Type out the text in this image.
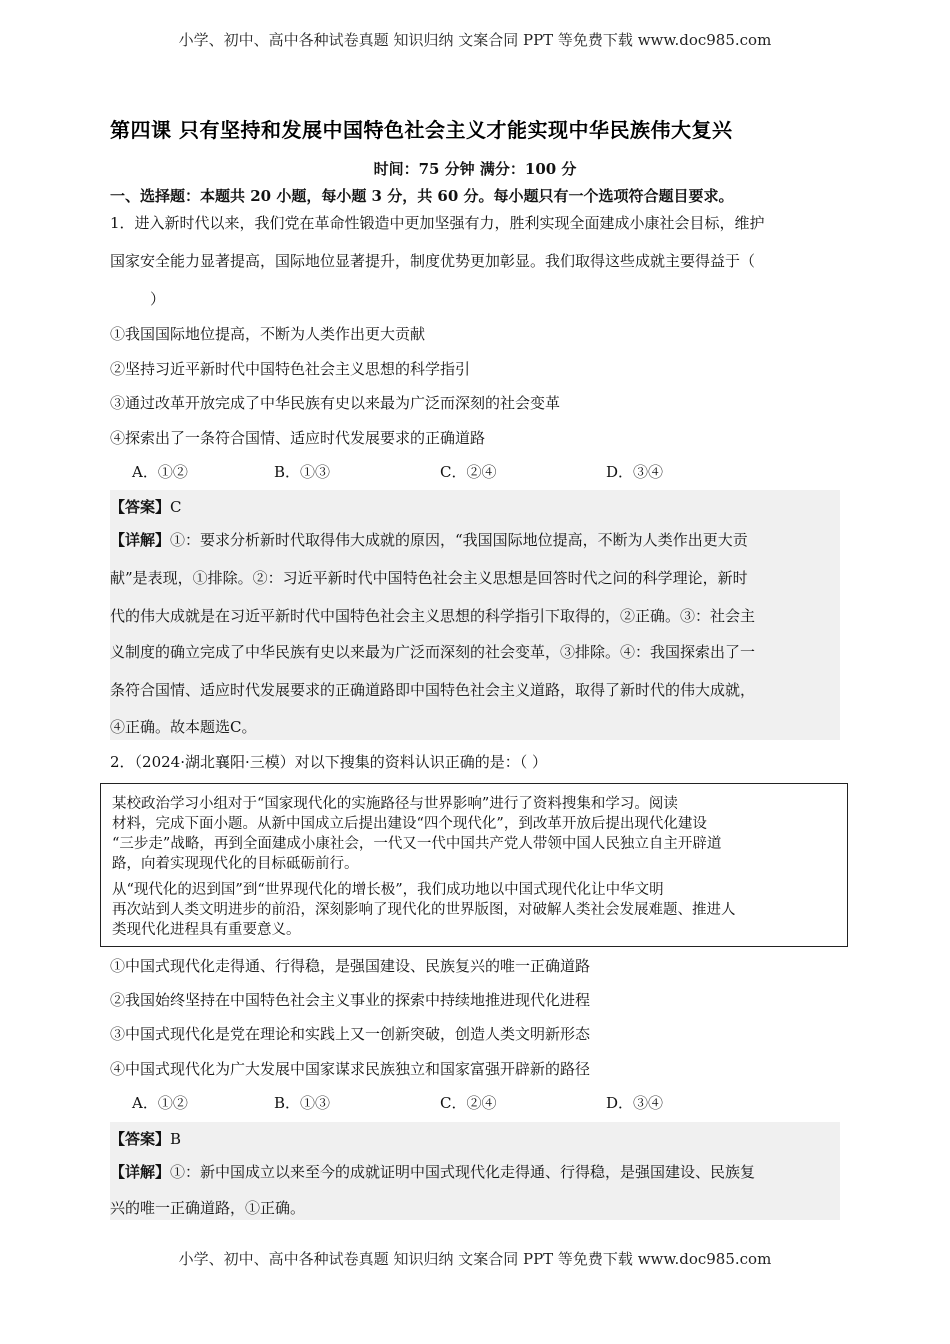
小学、初中、高中各种试卷真题 知识归纳 文案合同 PPT 等免费下载 www.doc985.com
第四课 只有坚持和发展中国特色社会主义才能实现中华民族伟大复兴
时间：75 分钟 满分：100 分
一、选择题：本题共 20 小题，每小题 3 分，共 60 分。每小题只有一个选项符合题目要求。
1．进入新时代以来，我们党在革命性锻造中更加坚强有力，胜利实现全面建成小康社会目标，维护
国家安全能力显著提高，国际地位显著提升，制度优势更加彰显。我们取得这些成就主要得益于（
）
①我国国际地位提高，不断为人类作出更大贡献
②坚持习近平新时代中国特色社会主义思想的科学指引
③通过改革开放完成了中华民族有史以来最为广泛而深刻的社会变革
④探索出了一条符合国情、适应时代发展要求的正确道路
A．①②	B．①③	C．②④	D．③④
【答案】C
【详解】①：要求分析新时代取得伟大成就的原因，“我国国际地位提高，不断为人类作出更大贡
献”是表现，①排除。②：习近平新时代中国特色社会主义思想是回答时代之问的科学理论，新时
代的伟大成就是在习近平新时代中国特色社会主义思想的科学指引下取得的，②正确。③：社会主
义制度的确立完成了中华民族有史以来最为广泛而深刻的社会变革，③排除。④：我国探索出了一
条符合国情、适应时代发展要求的正确道路即中国特色社会主义道路，取得了新时代的伟大成就，
④正确。故本题选C。
2．（2024·湖北襄阳·三模）对以下搜集的资料认识正确的是：（ ）
某校政治学习小组对于“国家现代化的实施路径与世界影响”进行了资料搜集和学习。阅读
材料，完成下面小题。从新中国成立后提出建设“四个现代化”，到改革开放后提出现代化建设
“三步走”战略，再到全面建成小康社会，一代又一代中国共产党人带领中国人民独立自主开辟道
路，向着实现现代化的目标砥砺前行。
从“现代化的迟到国”到“世界现代化的增长极”，我们成功地以中国式现代化让中华文明
再次站到人类文明进步的前沿，深刻影响了现代化的世界版图，对破解人类社会发展难题、推进人
类现代化进程具有重要意义。
①中国式现代化走得通、行得稳，是强国建设、民族复兴的唯一正确道路
②我国始终坚持在中国特色社会主义事业的探索中持续地推进现代化进程
③中国式现代化是党在理论和实践上又一创新突破，创造人类文明新形态
④中国式现代化为广大发展中国家谋求民族独立和国家富强开辟新的路径
A．①②	B．①③	C．②④	D．③④
【答案】B
【详解】①：新中国成立以来至今的成就证明中国式现代化走得通、行得稳，是强国建设、民族复
兴的唯一正确道路，①正确。
小学、初中、高中各种试卷真题 知识归纳 文案合同 PPT 等免费下载 www.doc985.com
